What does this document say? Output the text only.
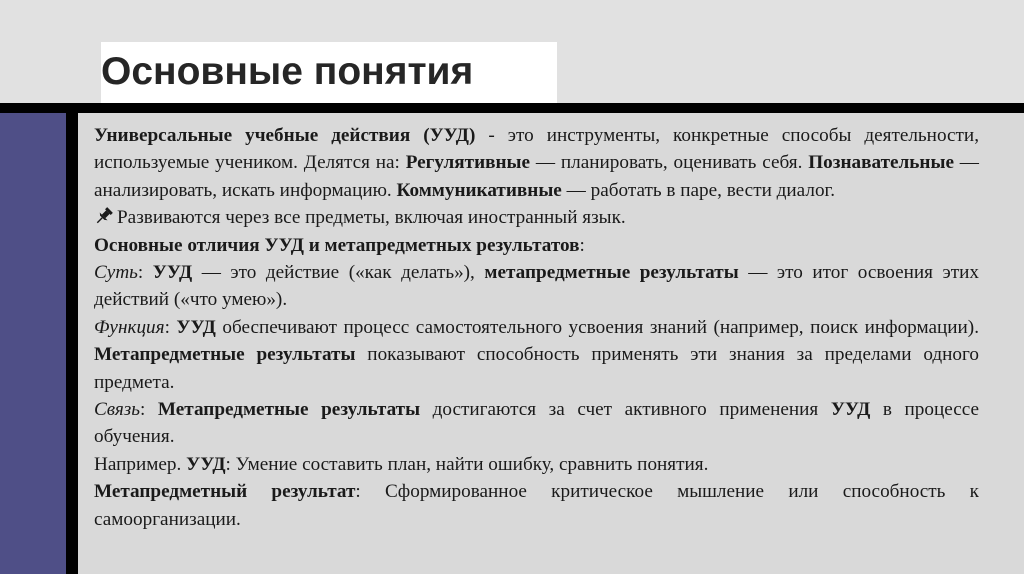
Основные понятия

Универсальные учебные действия (УУД) - это инструменты, конкретные способы деятельности, используемые учеником. Делятся на: Регулятивные — планировать, оценивать себя. Познавательные — анализировать, искать информацию. Коммуникативные — работать в паре, вести диалог.

Развиваются через все предметы, включая иностранный язык.

Основные отличия УУД и метапредметных результатов:

Суть: УУД — это действие («как делать»), метапредметные результаты — это итог освоения этих действий («что умею»).

Функция: УУД обеспечивают процесс самостоятельного усвоения знаний (например, поиск информации). Метапредметные результаты показывают способность применять эти знания за пределами одного предмета.

Связь: Метапредметные результаты достигаются за счет активного применения УУД в процессе обучения.

Например. УУД: Умение составить план, найти ошибку, сравнить понятия.

Метапредметный результат: Сформированное критическое мышление или способность к самоорганизации.
